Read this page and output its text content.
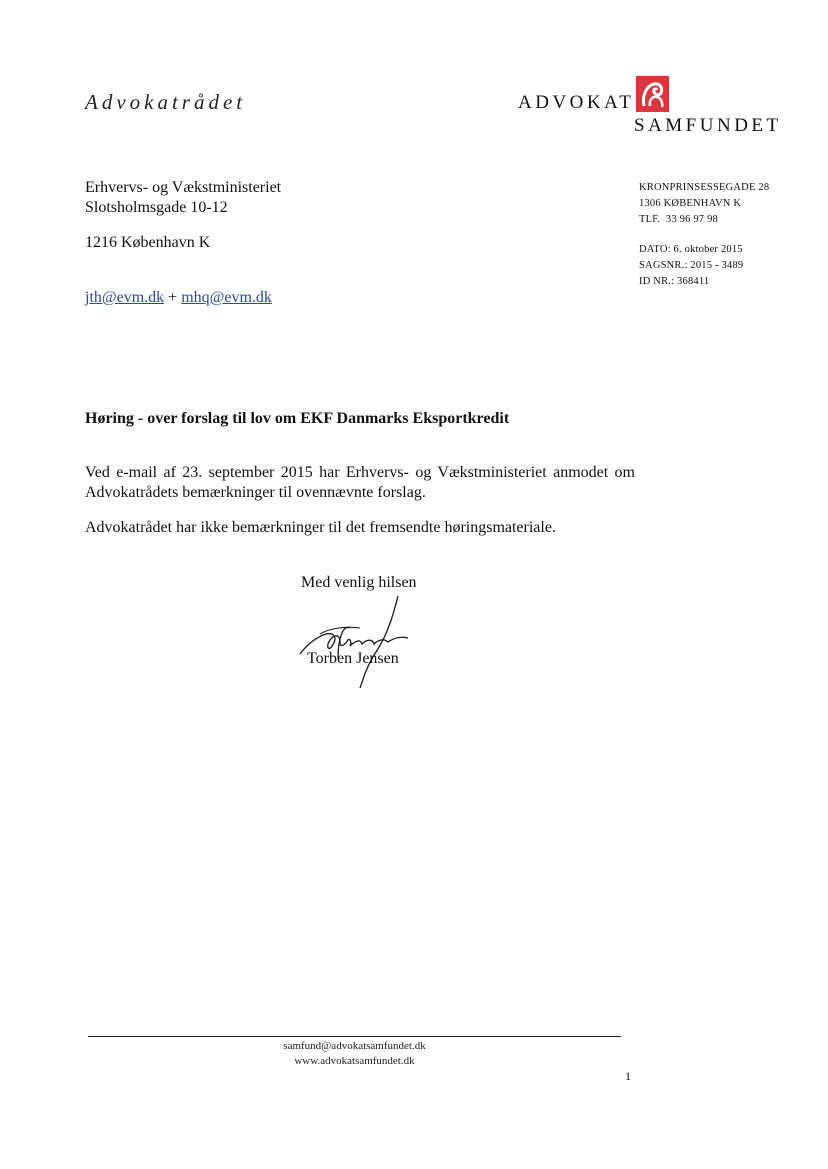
Advokatrådet	ADVOKAT
SAMFUNDET
Erhvervs- og Vækstministeriet
Slotsholmsgade 10-12
1216 København K
jth@evm.dk + mhq@evm.dk
KRONPRINSESSEGADE 28
1306 KØBENHAVN K
TLF.  33 96 97 98
DATO: 6. oktober 2015
SAGSNR.: 2015 - 3489
ID NR.: 368411
Høring - over forslag til lov om EKF Danmarks Eksportkredit
Ved e-mail af 23. september 2015 har Erhvervs- og Vækstministeriet anmodet om Advokatrådets bemærkninger til ovennævnte forslag.
Advokatrådet har ikke bemærkninger til det fremsendte høringsmateriale.
Med venlig hilsen
Torben Jensen
samfund@advokatsamfundet.dk
www.advokatsamfundet.dk
1
